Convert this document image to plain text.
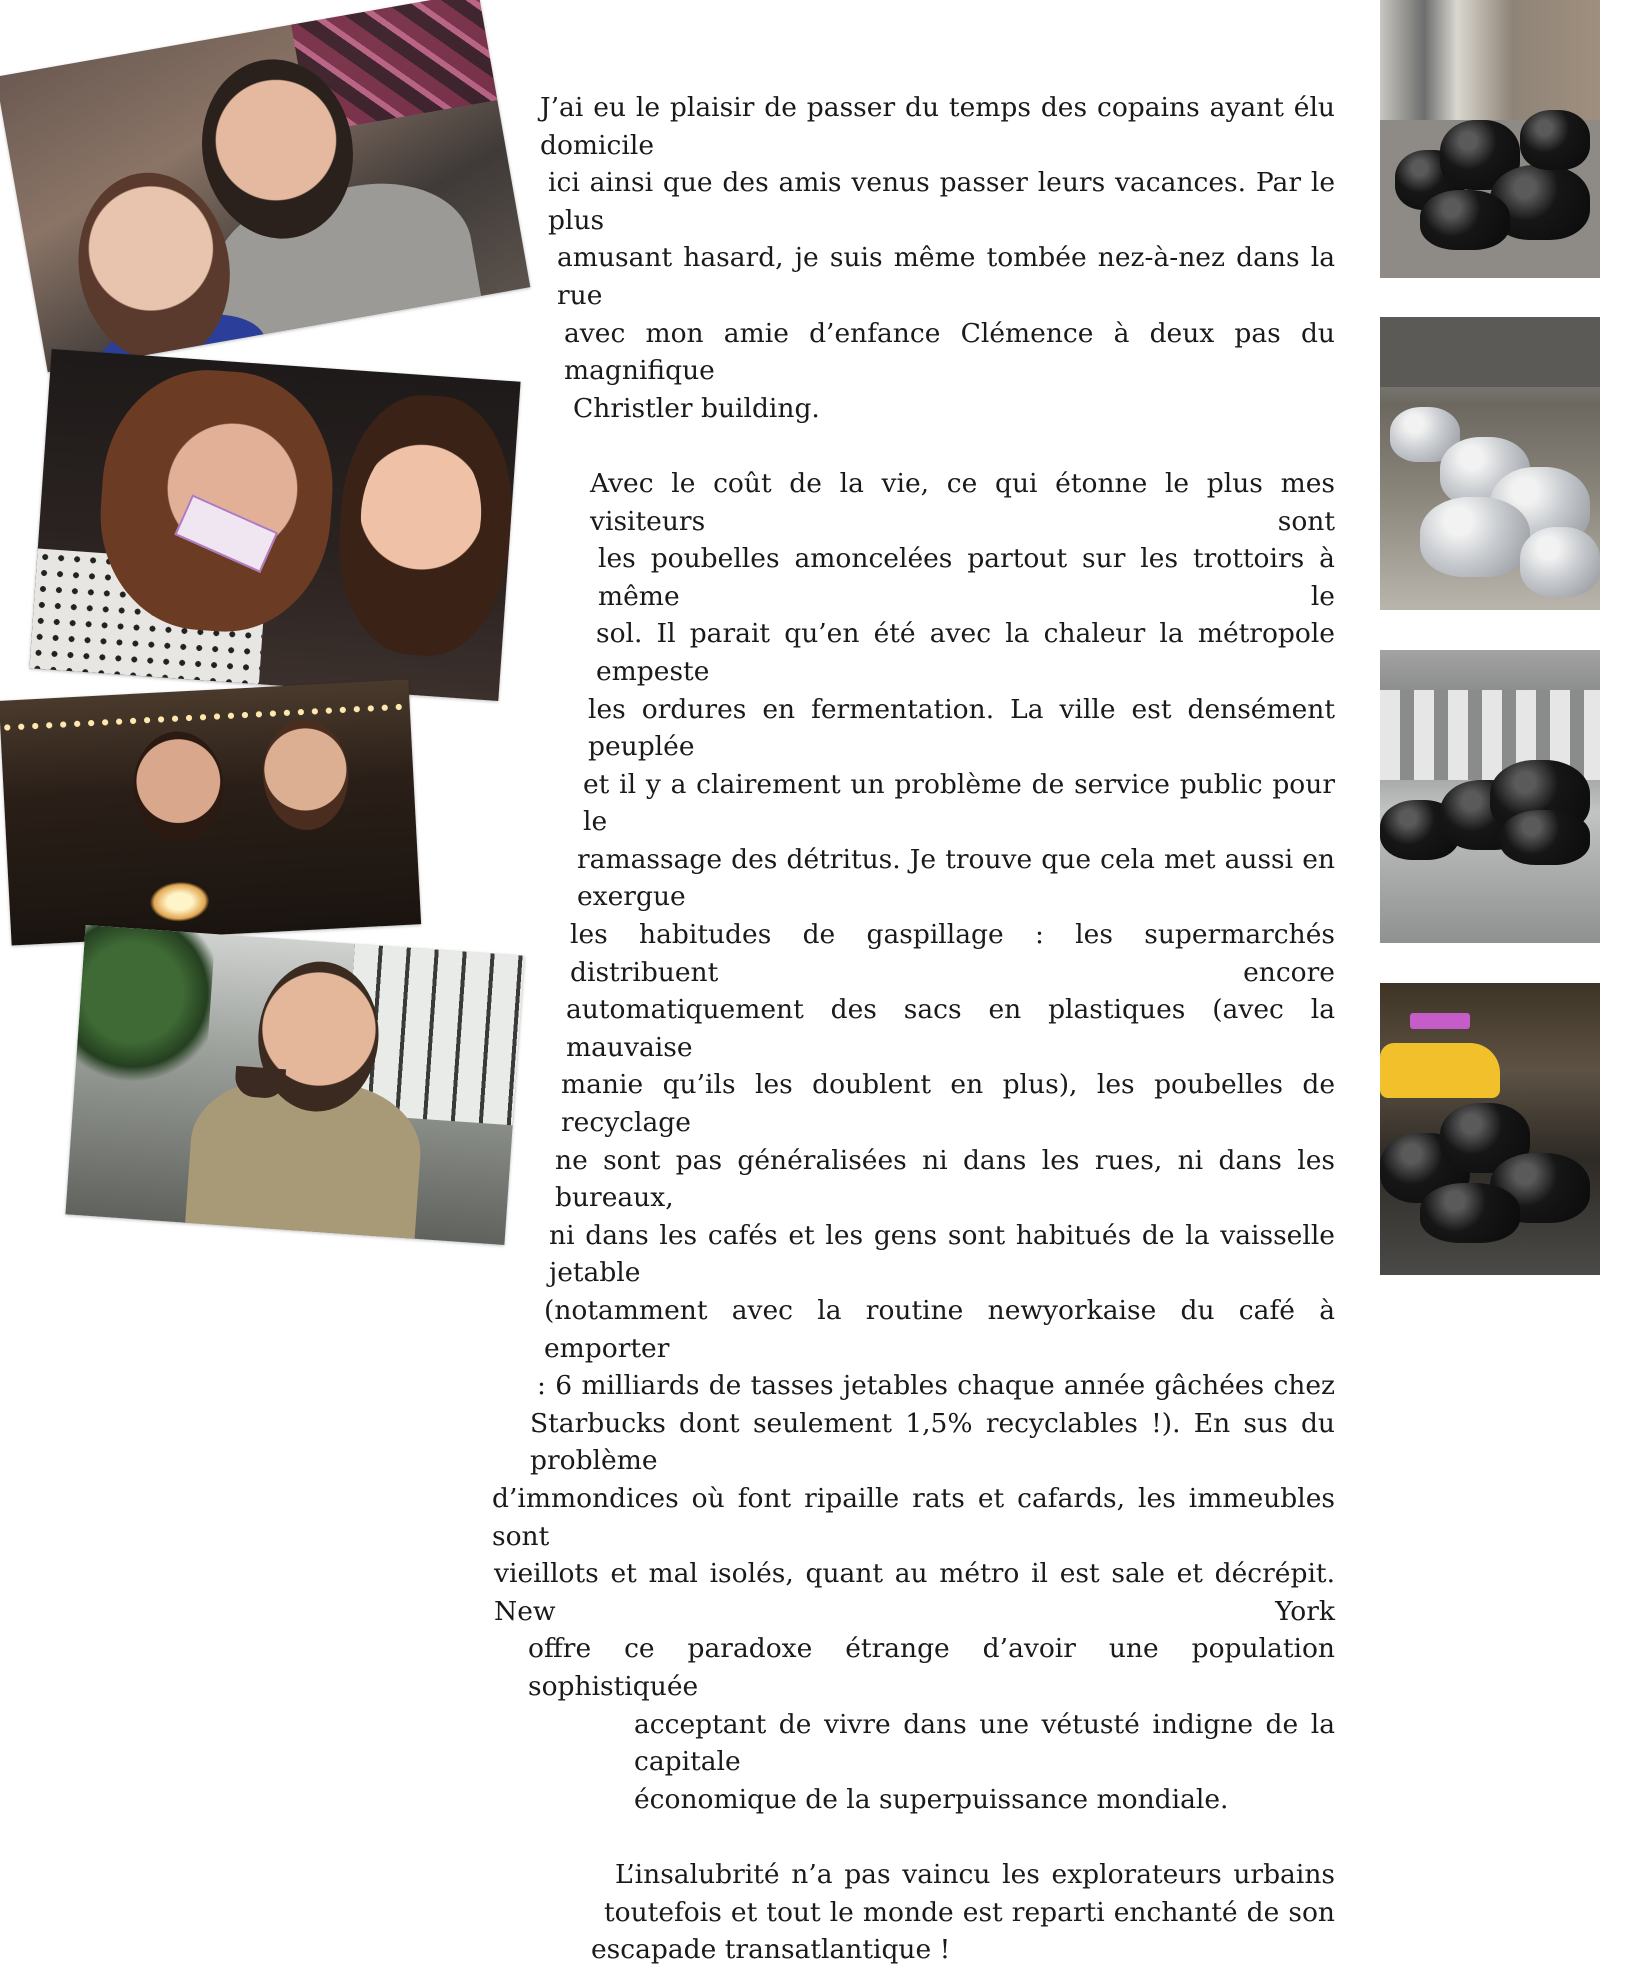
J’ai eu le plaisir de passer du temps des copains ayant élu domicile
ici ainsi que des amis venus passer leurs vacances. Par le plus
amusant hasard, je suis même tombée nez-à-nez dans la rue
avec mon amie d’enfance Clémence à deux pas du magnifique
Christler building.
Avec le coût de la vie, ce qui étonne le plus mes visiteurs sont
les poubelles amoncelées partout sur les trottoirs à même le
sol. Il parait qu’en été avec la chaleur la métropole empeste
les ordures en fermentation. La ville est densément peuplée
et il y a clairement un problème de service public pour le
ramassage des détritus. Je trouve que cela met aussi en exergue
les habitudes de gaspillage : les supermarchés distribuent encore
automatiquement des sacs en plastiques (avec la mauvaise
manie qu’ils les doublent en plus), les poubelles de recyclage
ne sont pas généralisées ni dans les rues, ni dans les bureaux,
ni dans les cafés et les gens sont habitués de la vaisselle jetable
(notamment avec la routine newyorkaise du café à emporter
: 6 milliards de tasses jetables chaque année gâchées chez
Starbucks dont seulement 1,5% recyclables !). En sus du problème
d’immondices où font ripaille rats et cafards, les immeubles sont
vieillots et mal isolés, quant au métro il est sale et décrépit. New York
offre ce paradoxe étrange d’avoir une population sophistiquée
acceptant de vivre dans une vétusté indigne de la capitale
économique de la superpuissance mondiale.
L’insalubrité n’a pas vaincu les explorateurs urbains
toutefois et tout le monde est reparti enchanté de son
escapade transatlantique !
